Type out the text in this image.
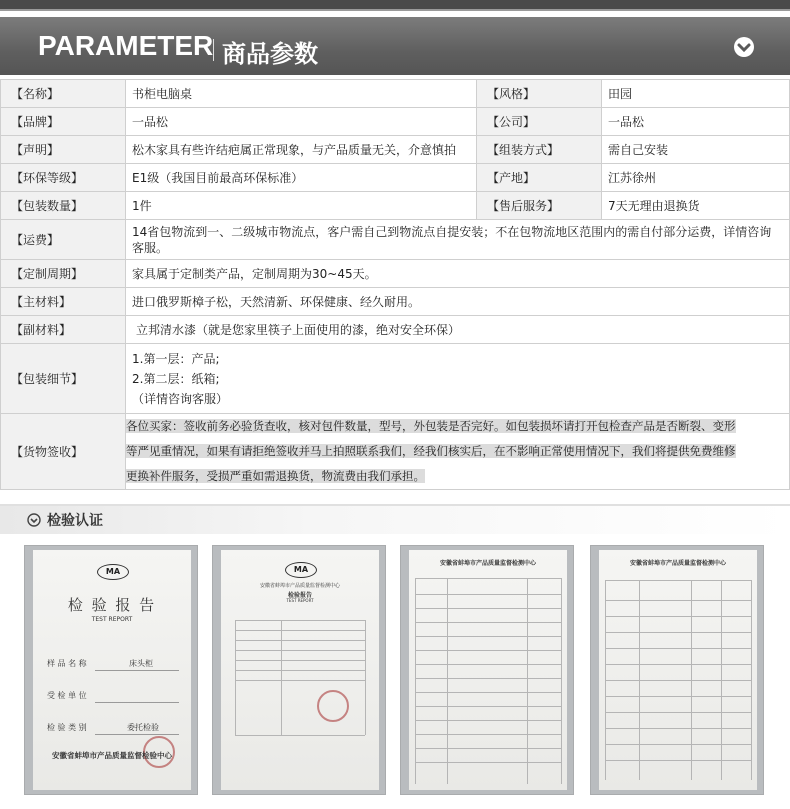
PARAMETER 商品参数
【名称】	书柜电脑桌	【风格】	田园
【品牌】	一品松	【公司】	一品松
【声明】	松木家具有些许结疤属正常现象，与产品质量无关，介意慎拍	【组装方式】	需自己安装
【环保等级】	E1级（我国目前最高环保标准）	【产地】	江苏徐州
【包装数量】	1件	【售后服务】	7天无理由退换货
【运费】	14省包物流到一、二级城市物流点，客户需自己到物流点自提安装；不在包物流地区范围内的需自付部分运费，详情咨询客服。		
【定制周期】	家具属于定制类产品，定制周期为30~45天。		
【主材料】	进口俄罗斯樟子松，天然清新、环保健康、经久耐用。		
【副材料】	立邦清水漆（就是您家里筷子上面使用的漆，绝对安全环保）		
【包装细节】	1.第一层：产品;
2.第二层：纸箱;
（详情咨询客服）		

【货物签收】	各位买家：签收前务必验货查收，核对包件数量，型号，外包装是否完好。如包装损坏请打开包检查产品是否断裂、变形
等严见重情况，如果有请拒绝签收并马上拍照联系我们，经我们核实后，在不影响正常使用情况下，我们将提供免费维修
更换补件服务，受损严重如需退换货，物流费由我们承担。		
检验认证
MA
检 验 报 告
TEST REPORT
样 品 名 称	床头柜
受 检 单 位
检 验 类 别	委托检验
安徽省蚌埠市产品质量监督检验中心
MA
安徽省蚌埠市产品质量监督检测中心
检验报告
TEST REPORT
安徽省蚌埠市产品质量监督检测中心	安徽省蚌埠市产品质量监督检测中心
